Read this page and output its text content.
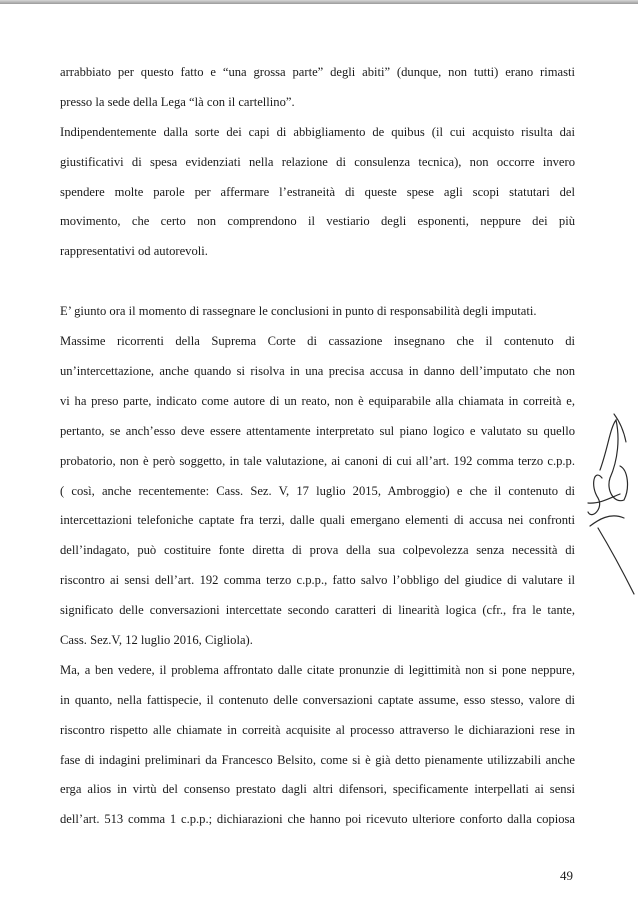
arrabbiato per questo fatto e “una grossa parte” degli abiti” (dunque, non tutti) erano rimasti
presso la sede della Lega “là con il cartellino”.
Indipendentemente dalla sorte dei capi di abbigliamento de quibus (il cui acquisto risulta dai
giustificativi di spesa evidenziati nella relazione di consulenza tecnica), non occorre invero
spendere molte parole per affermare l’estraneità di queste spese agli scopi statutari del
movimento, che certo non comprendono il vestiario degli esponenti, neppure dei più
rappresentativi od autorevoli.
E’ giunto ora il momento di rassegnare le conclusioni in punto di responsabilità degli imputati.
Massime ricorrenti della Suprema Corte di cassazione insegnano che il contenuto di
un’intercettazione, anche quando si risolva in una precisa accusa in danno dell’imputato che non
vi ha preso parte, indicato come autore di un reato, non è equiparabile alla chiamata in correità e,
pertanto, se anch’esso deve essere attentamente interpretato sul piano logico e valutato su quello
probatorio, non è però soggetto, in tale valutazione, ai canoni di cui all’art. 192 comma terzo c.p.p.
( così, anche recentemente: Cass. Sez. V, 17 luglio 2015, Ambroggio) e che il contenuto di
intercettazioni telefoniche captate fra terzi, dalle quali emergano elementi di accusa nei confronti
dell’indagato, può costituire fonte diretta di prova della sua colpevolezza senza necessità di
riscontro ai sensi dell’art. 192 comma terzo c.p.p., fatto salvo l’obbligo del giudice di valutare il
significato delle conversazioni intercettate secondo caratteri di linearità logica (cfr., fra le tante,
Cass. Sez.V, 12 luglio 2016, Cigliola).
Ma, a ben vedere, il problema affrontato dalle citate pronunzie di legittimità non si pone neppure,
in quanto, nella fattispecie, il contenuto delle conversazioni captate assume, esso stesso, valore di
riscontro rispetto alle chiamate in correità acquisite al processo attraverso le dichiarazioni rese in
fase di indagini preliminari da Francesco Belsito, come si è già detto pienamente utilizzabili anche
erga alios in virtù del consenso prestato dagli altri difensori, specificamente interpellati ai sensi
dell’art. 513 comma 1 c.p.p.; dichiarazioni che hanno poi ricevuto ulteriore conforto dalla copiosa
49
